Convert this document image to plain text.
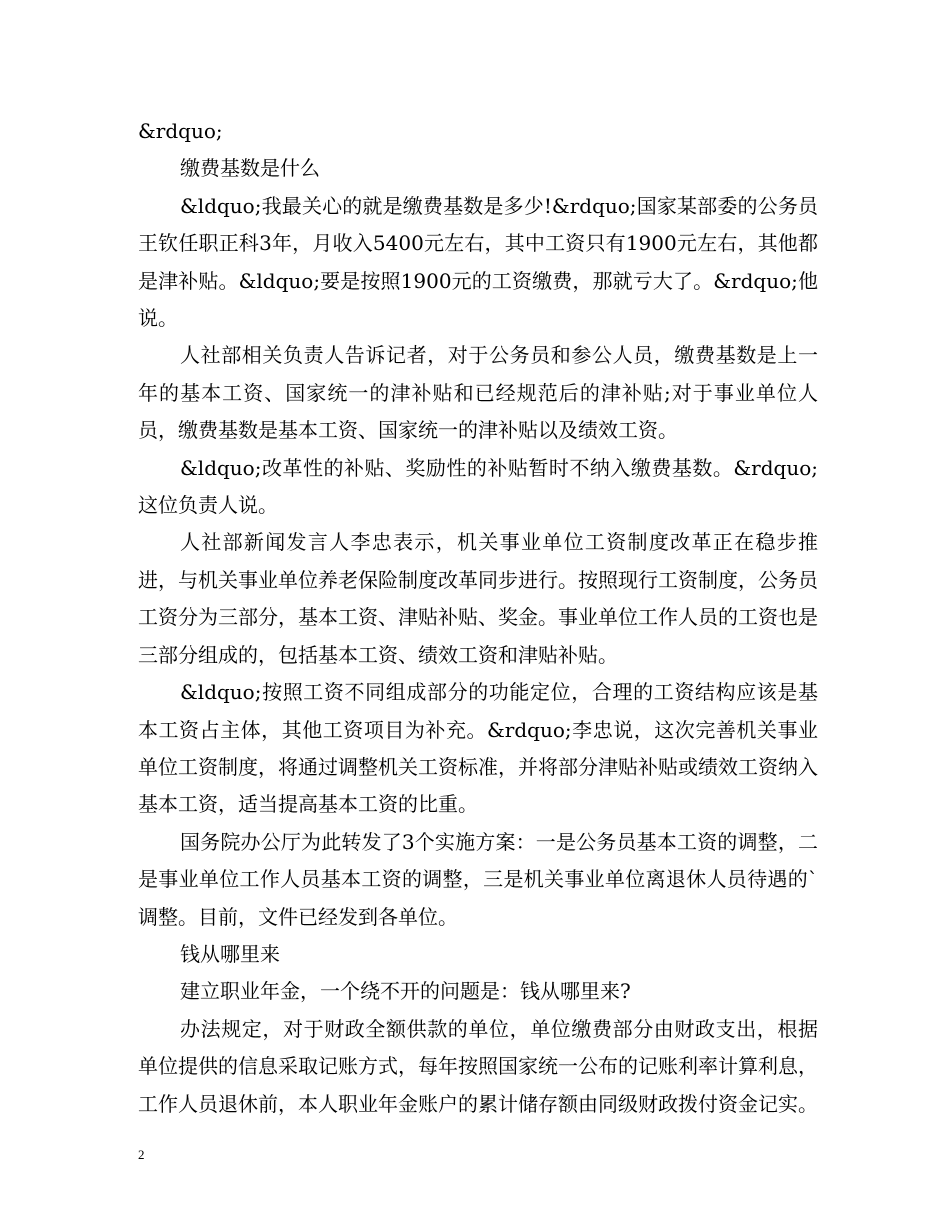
&rdquo;

缴费基数是什么

&ldquo;我最关心的就是缴费基数是多少!&rdquo;国家某部委的公务员王钦任职正科3年，月收入5400元左右，其中工资只有1900元左右，其他都是津补贴。&ldquo;要是按照1900元的工资缴费，那就亏大了。&rdquo;他说。

人社部相关负责人告诉记者，对于公务员和参公人员，缴费基数是上一年的基本工资、国家统一的津补贴和已经规范后的津补贴;对于事业单位人员，缴费基数是基本工资、国家统一的津补贴以及绩效工资。

&ldquo;改革性的补贴、奖励性的补贴暂时不纳入缴费基数。&rdquo;这位负责人说。

人社部新闻发言人李忠表示，机关事业单位工资制度改革正在稳步推进，与机关事业单位养老保险制度改革同步进行。按照现行工资制度，公务员工资分为三部分，基本工资、津贴补贴、奖金。事业单位工作人员的工资也是三部分组成的，包括基本工资、绩效工资和津贴补贴。

&ldquo;按照工资不同组成部分的功能定位，合理的工资结构应该是基本工资占主体，其他工资项目为补充。&rdquo;李忠说，这次完善机关事业单位工资制度，将通过调整机关工资标准，并将部分津贴补贴或绩效工资纳入基本工资，适当提高基本工资的比重。

国务院办公厅为此转发了3个实施方案：一是公务员基本工资的调整，二是事业单位工作人员基本工资的调整，三是机关事业单位离退休人员待遇的`调整。目前，文件已经发到各单位。

钱从哪里来

建立职业年金，一个绕不开的问题是：钱从哪里来?

办法规定，对于财政全额供款的单位，单位缴费部分由财政支出，根据单位提供的信息采取记账方式，每年按照国家统一公布的记账利率计算利息，工作人员退休前，本人职业年金账户的累计储存额由同级财政拨付资金记实。

2
